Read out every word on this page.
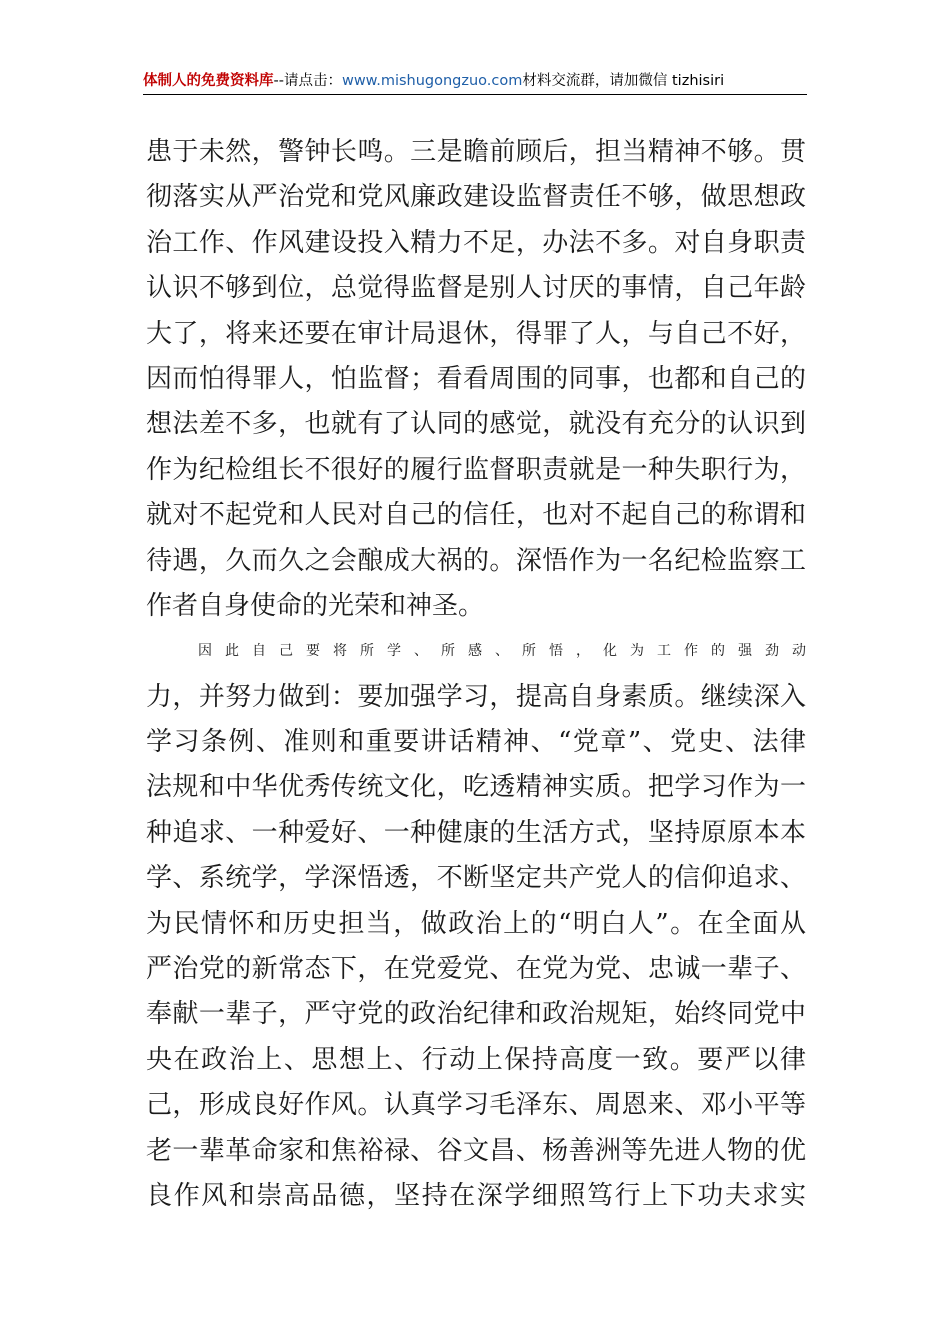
体制人的免费资料库--请点击：www.mishugongzuo.com材料交流群，请加微信 tizhisiri
患于未然，警钟长鸣。三是瞻前顾后，担当精神不够。贯
彻落实从严治党和党风廉政建设监督责任不够，做思想政
治工作、作风建设投入精力不足，办法不多。对自身职责
认识不够到位，总觉得监督是别人讨厌的事情，自己年龄
大了，将来还要在审计局退休，得罪了人，与自己不好，
因而怕得罪人，怕监督；看看周围的同事，也都和自己的
想法差不多，也就有了认同的感觉，就没有充分的认识到
作为纪检组长不很好的履行监督职责就是一种失职行为，
就对不起党和人民对自己的信任，也对不起自己的称谓和
待遇，久而久之会酿成大祸的。深悟作为一名纪检监察工
作者自身使命的光荣和神圣。
因此自己要将所学、所感、所悟，化为工作的强劲动
力，并努力做到：要加强学习，提高自身素质。继续深入
学习条例、准则和重要讲话精神、“党章”、党史、法律
法规和中华优秀传统文化，吃透精神实质。把学习作为一
种追求、一种爱好、一种健康的生活方式，坚持原原本本
学、系统学，学深悟透，不断坚定共产党人的信仰追求、
为民情怀和历史担当，做政治上的“明白人”。在全面从
严治党的新常态下，在党爱党、在党为党、忠诚一辈子、
奉献一辈子，严守党的政治纪律和政治规矩，始终同党中
央在政治上、思想上、行动上保持高度一致。要严以律
己，形成良好作风。认真学习毛泽东、周恩来、邓小平等
老一辈革命家和焦裕禄、谷文昌、杨善洲等先进人物的优
良作风和崇高品德，坚持在深学细照笃行上下功夫求实
